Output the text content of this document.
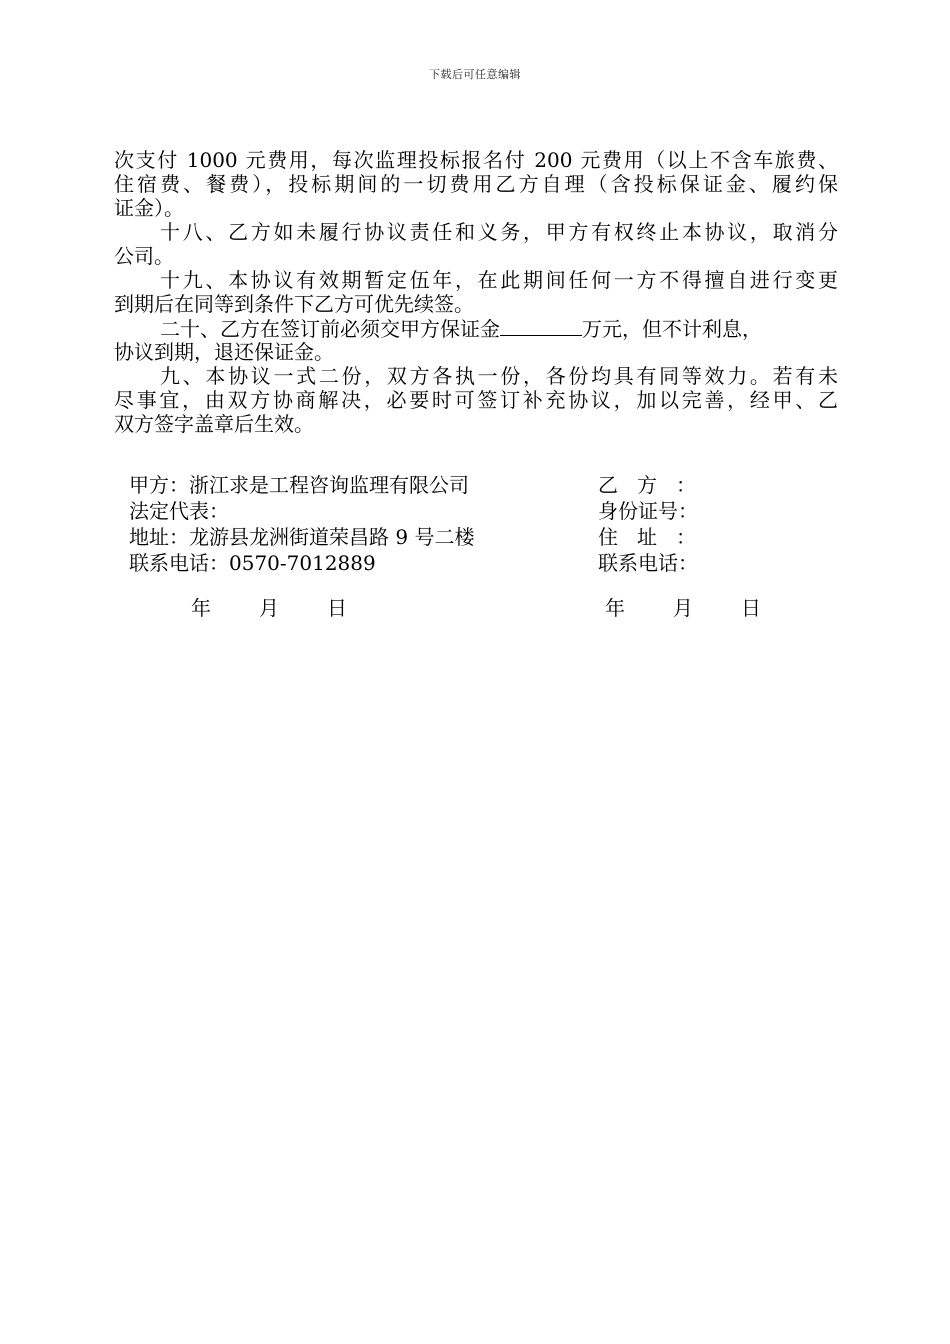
下载后可任意编辑
次支付 1000 元费用，每次监理投标报名付 200 元费用（以上不含车旅费、
住宿费、餐费），投标期间的一切费用乙方自理（含投标保证金、履约保
证金）。
十八、乙方如未履行协议责任和义务，甲方有权终止本协议，取消分
公司。
十九、本协议有效期暂定伍年，在此期间任何一方不得擅自进行变更
到期后在同等到条件下乙方可优先续签。
二十、乙方在签订前必须交甲方保证金	万元，但不计利息，
协议到期，退还保证金。
九、本协议一式二份，双方各执一份，各份均具有同等效力。若有未
尽事宜，由双方协商解决，必要时可签订补充协议，加以完善，经甲、乙
双方签字盖章后生效。
甲方：浙江求是工程咨询监理有限公司
法定代表：
地址：龙游县龙洲街道荣昌路 9 号二楼
联系电话：0570-7012889
乙方：
身份证号：
住址：
联系电话：
年 月 日	年 月 日
